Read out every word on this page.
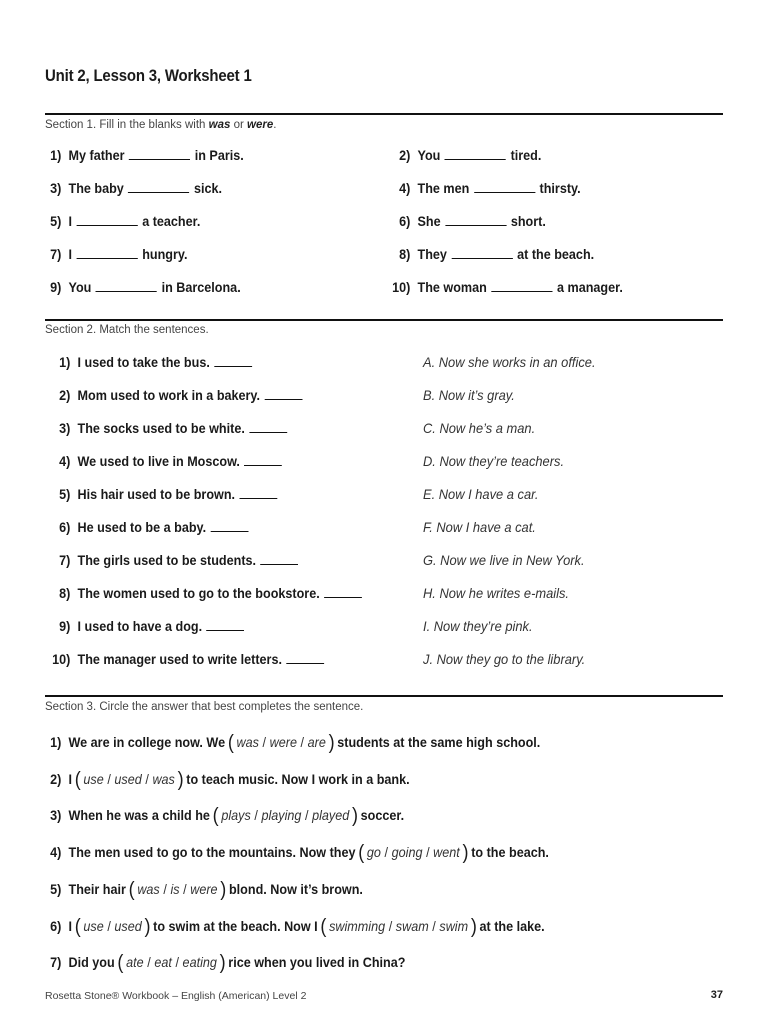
Unit 2, Lesson 3, Worksheet 1
Section 1. Fill in the blanks with was or were.
1) My father	in Paris.	2) You	tired.
3) The baby	sick.	4) The men	thirsty.
5) I	a teacher.	6) She	short.
7) I	hungry.	8) They	at the beach.
9) You	in Barcelona.	10) The woman	a manager.
Section 2. Match the sentences.
1) I used to take the bus.	A. Now she works in an office.
2) Mom used to work in a bakery.	B. Now it’s gray.
3) The socks used to be white.	C. Now he’s a man.
4) We used to live in Moscow.	D. Now they’re teachers.
5) His hair used to be brown.	E. Now I have a car.
6) He used to be a baby.	F. Now I have a cat.
7) The girls used to be students.	G. Now we live in New York.
8) The women used to go to the bookstore.	H. Now he writes e-mails.
9) I used to have a dog.	I. Now they’re pink.
10) The manager used to write letters.	J. Now they go to the library.
Section 3. Circle the answer that best completes the sentence.
1) We are in college now. We ( was / were / are ) students at the same high school.
2) I ( use / used / was ) to teach music. Now I work in a bank.
3) When he was a child he ( plays / playing / played ) soccer.
4) The men used to go to the mountains. Now they ( go / going / went ) to the beach.
5) Their hair ( was / is / were ) blond. Now it’s brown.
6) I ( use / used ) to swim at the beach. Now I ( swimming / swam / swim ) at the lake.
7) Did you ( ate / eat / eating ) rice when you lived in China?
Rosetta Stone® Workbook – English (American) Level 2	37
